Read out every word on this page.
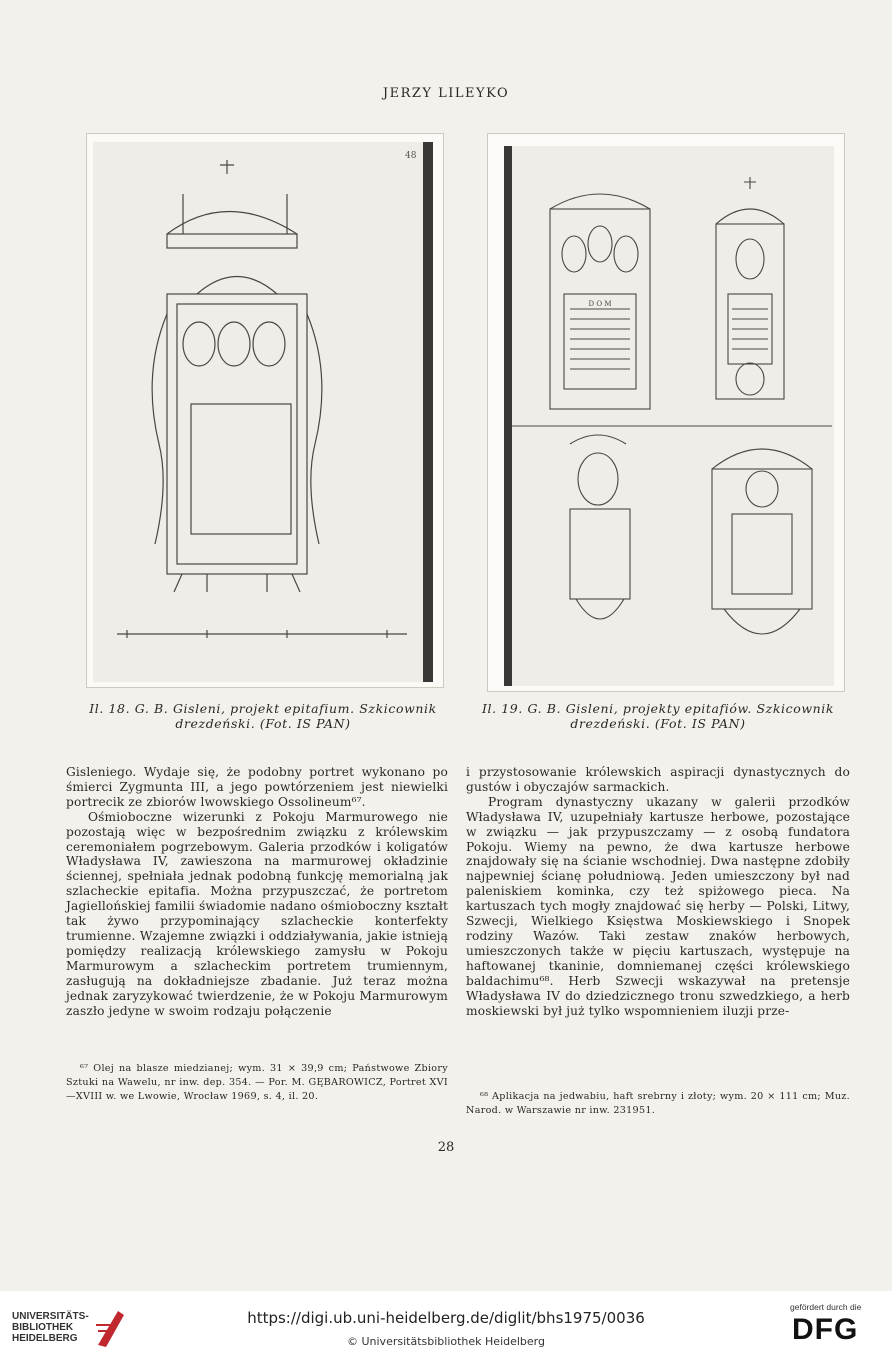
JERZY LILEYKO
48
D O M
Il. 18. G. B. Gisleni, projekt epitafium. Szkicownik
drezdeński. (Fot. IS PAN)
Il. 19. G. B. Gisleni, projekty epitafiów. Szkicownik
drezdeński. (Fot. IS PAN)

Gisleniego. Wydaje się, że podobny portret wykonano po śmierci Zygmunta III, a jego powtórzeniem jest niewielki portrecik ze zbiorów lwowskiego Ossolineum⁶⁷.

Ośmioboczne wizerunki z Pokoju Marmurowego nie pozostają więc w bezpośrednim związku z królewskim ceremoniałem pogrzebowym. Galeria przodków i koligatów Władysława IV, zawieszona na marmurowej okładzinie ściennej, spełniała jednak podobną funkcję memorialną jak szlacheckie epitafia. Można przypuszczać, że portretom Jagiellońskiej familii świadomie nadano ośmioboczny kształt tak żywo przypominający szlacheckie konterfekty trumienne. Wzajemne związki i oddziaływania, jakie istnieją pomiędzy realizacją królewskiego zamysłu w Pokoju Marmurowym a szlacheckim portretem trumiennym, zasługują na dokładniejsze zbadanie. Już teraz można jednak zaryzykować twierdzenie, że w Pokoju Marmurowym zaszło jedyne w swoim rodzaju połączenie

⁶⁷ Olej na blasze miedzianej; wym. 31 × 39,9 cm; Państwowe Zbiory Sztuki na Wawelu, nr inw. dep. 354. — Por. M. GĘBAROWICZ, Portret XVI—XVIII w. we Lwowie, Wrocław 1969, s. 4, il. 20.

i przystosowanie królewskich aspiracji dynastycznych do gustów i obyczajów sarmackich.

Program dynastyczny ukazany w galerii przodków Władysława IV, uzupełniały kartusze herbowe, pozostające w związku — jak przypuszczamy — z osobą fundatora Pokoju. Wiemy na pewno, że dwa kartusze herbowe znajdowały się na ścianie wschodniej. Dwa następne zdobiły najpewniej ścianę południową. Jeden umieszczony był nad paleniskiem kominka, czy też spiżowego pieca. Na kartuszach tych mogły znajdować się herby — Polski, Litwy, Szwecji, Wielkiego Księstwa Moskiewskiego i Snopek rodziny Wazów. Taki zestaw znaków herbowych, umieszczonych także w pięciu kartuszach, występuje na haftowanej tkaninie, domniemanej części królewskiego baldachimu⁶⁸. Herb Szwecji wskazywał na pretensje Władysława IV do dziedzicznego tronu szwedzkiego, a herb moskiewski był już tylko wspomnieniem iluzji prze-

⁶⁸ Aplikacja na jedwabiu, haft srebrny i złoty; wym. 20 × 111 cm; Muz. Narod. w Warszawie nr inw. 231951.

28
UNIVERSITÄTS-
BIBLIOTHEK
HEIDELBERG
https://digi.ub.uni-heidelberg.de/diglit/bhs1975/0036
© Universitätsbibliothek Heidelberg
gefördert durch die
DFG
